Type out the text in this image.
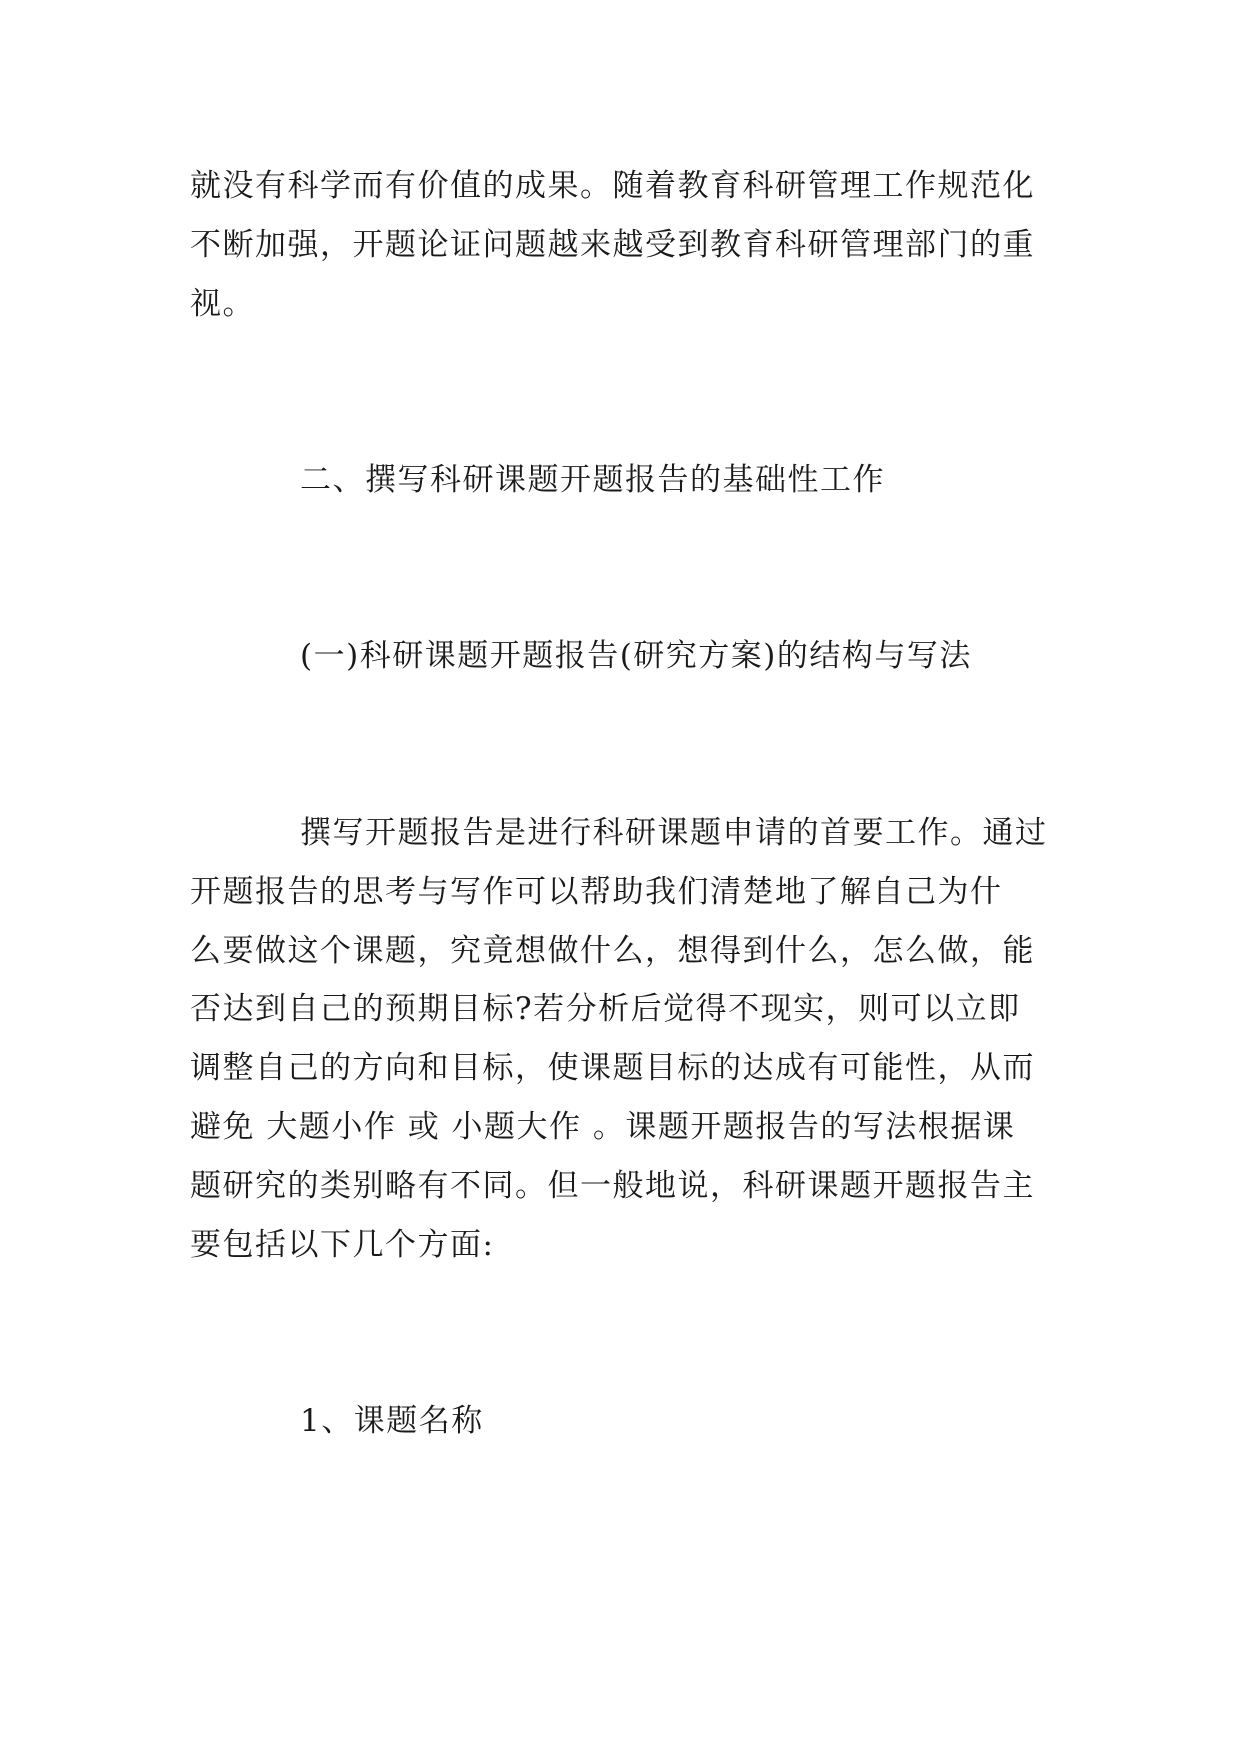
就没有科学而有价值的成果。随着教育科研管理工作规范化
不断加强，开题论证问题越来越受到教育科研管理部门的重
视。
二、撰写科研课题开题报告的基础性工作
(一)科研课题开题报告(研究方案)的结构与写法
撰写开题报告是进行科研课题申请的首要工作。通过
开题报告的思考与写作可以帮助我们清楚地了解自己为什
么要做这个课题，究竟想做什么，想得到什么，怎么做，能
否达到自己的预期目标?若分析后觉得不现实，则可以立即
调整自己的方向和目标，使课题目标的达成有可能性，从而
避免 大题小作 或 小题大作 。课题开题报告的写法根据课
题研究的类别略有不同。但一般地说，科研课题开题报告主
要包括以下几个方面:
1、课题名称
